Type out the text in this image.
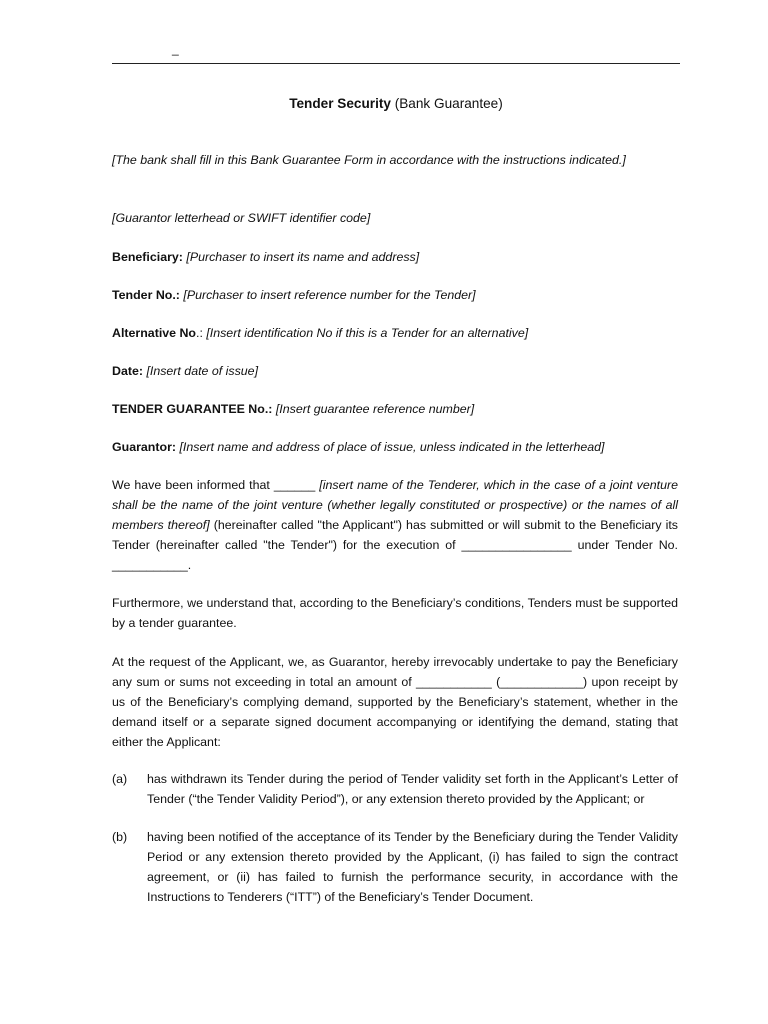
_
Tender Security (Bank Guarantee)

[The bank shall fill in this Bank Guarantee Form in accordance with the instructions indicated.]

[Guarantor letterhead or SWIFT identifier code]

Beneficiary: [Purchaser to insert its name and address]

Tender No.: [Purchaser to insert reference number for the Tender]

Alternative No.: [Insert identification No if this is a Tender for an alternative]

Date: [Insert date of issue]

TENDER GUARANTEE No.: [Insert guarantee reference number]

Guarantor: [Insert name and address of place of issue, unless indicated in the letterhead]

We have been informed that ______ [insert name of the Tenderer, which in the case of a joint venture shall be the name of the joint venture (whether legally constituted or prospective) or the names of all members thereof] (hereinafter called "the Applicant") has submitted or will submit to the Beneficiary its Tender (hereinafter called "the Tender") for the execution of ________________ under Tender No. ___________.

Furthermore, we understand that, according to the Beneficiary’s conditions, Tenders must be supported by a tender guarantee.

At the request of the Applicant, we, as Guarantor, hereby irrevocably undertake to pay the Beneficiary any sum or sums not exceeding in total an amount of ___________ (____________) upon receipt by us of the Beneficiary’s complying demand, supported by the Beneficiary’s statement, whether in the demand itself or a separate signed document accompanying or identifying the demand, stating that either the Applicant:

(a) has withdrawn its Tender during the period of Tender validity set forth in the Applicant’s Letter of Tender (“the Tender Validity Period”), or any extension thereto provided by the Applicant; or

(b) having been notified of the acceptance of its Tender by the Beneficiary during the Tender Validity Period or any extension thereto provided by the Applicant, (i) has failed to sign the contract agreement, or (ii) has failed to furnish the performance security, in accordance with the Instructions to Tenderers (“ITT”) of the Beneficiary’s Tender Document.
